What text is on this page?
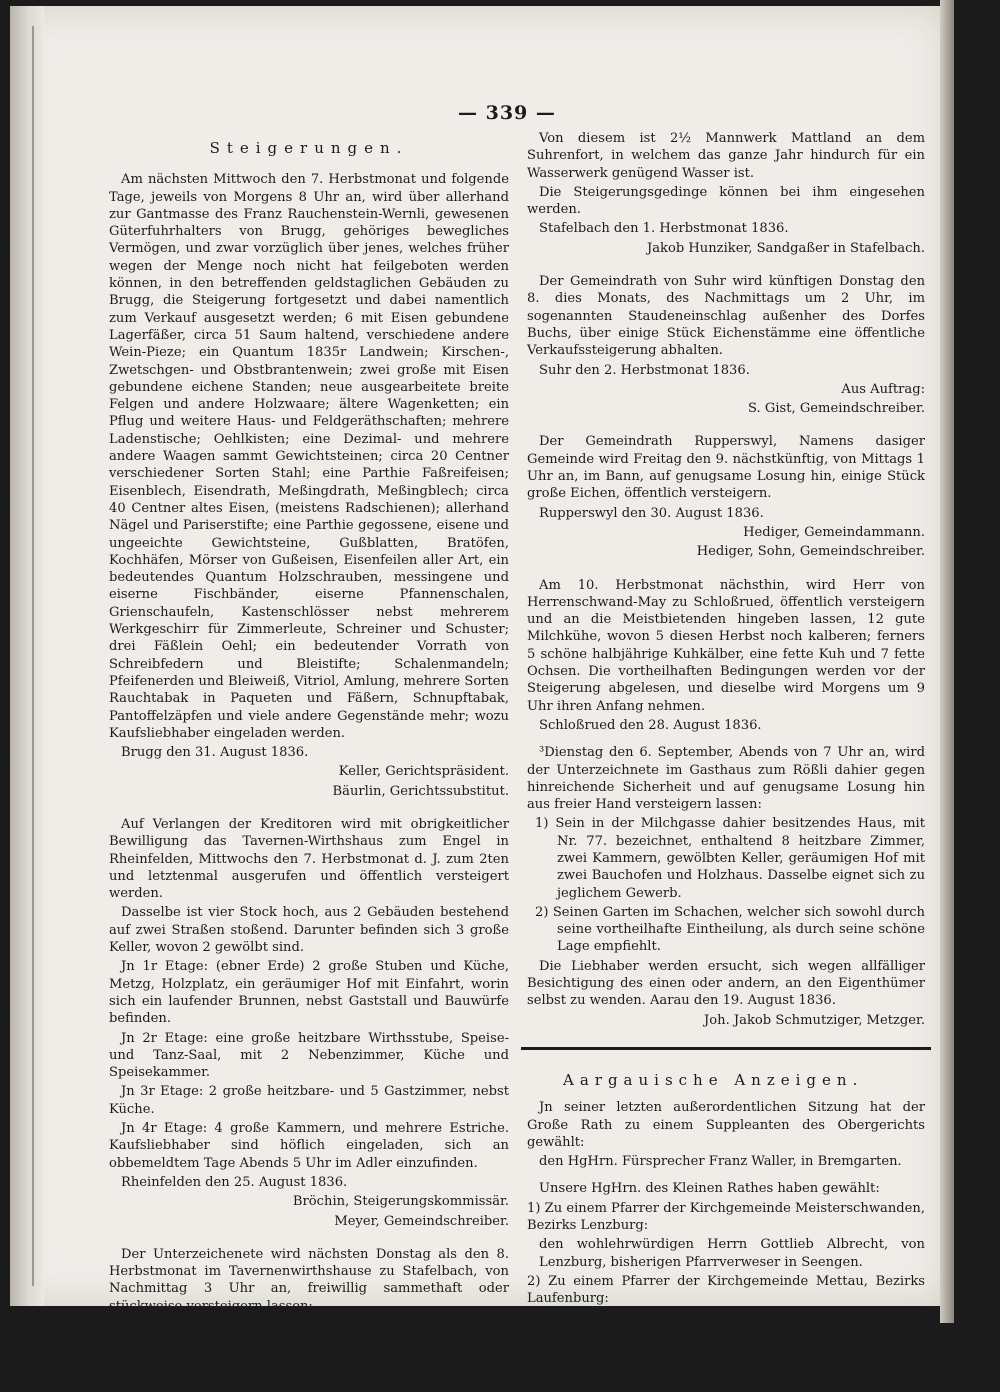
— 339 —
Steigerungen.

Am nächsten Mittwoch den 7. Herbstmonat und folgende Tage, jeweils von Morgens 8 Uhr an, wird über allerhand zur Gantmasse des Franz Rauchenstein-Wernli, gewesenen Güterfuhrhalters von Brugg, gehöriges bewegliches Vermögen, und zwar vorzüglich über jenes, welches früher wegen der Menge noch nicht hat feilgeboten werden können, in den betreffenden geldstaglichen Gebäuden zu Brugg, die Steigerung fortgesetzt und dabei namentlich zum Verkauf ausgesetzt werden; 6 mit Eisen gebundene Lagerfäßer, circa 51 Saum haltend, verschiedene andere Wein-Pieze; ein Quantum 1835r Landwein; Kirschen-, Zwetschgen- und Obstbrantenwein; zwei große mit Eisen gebundene eichene Standen; neue ausgearbeitete breite Felgen und andere Holzwaare; ältere Wagenketten; ein Pflug und weitere Haus- und Feldgeräthschaften; mehrere Ladenstische; Oehlkisten; eine Dezimal- und mehrere andere Waagen sammt Gewichtsteinen; circa 20 Centner verschiedener Sorten Stahl; eine Parthie Faßreifeisen; Eisenblech, Eisendrath, Meßingdrath, Meßingblech; circa 40 Centner altes Eisen, (meistens Radschienen); allerhand Nägel und Pariserstifte; eine Parthie gegossene, eisene und ungeeichte Gewichtsteine, Gußblatten, Bratöfen, Kochhäfen, Mörser von Gußeisen, Eisenfeilen aller Art, ein bedeutendes Quantum Holzschrauben, messingene und eiserne Fischbänder, eiserne Pfannenschalen, Grienschaufeln, Kastenschlösser nebst mehrerem Werkgeschirr für Zimmerleute, Schreiner und Schuster; drei Fäßlein Oehl; ein bedeutender Vorrath von Schreibfedern und Bleistifte; Schalenmandeln; Pfeifenerden und Bleiweiß, Vitriol, Amlung, mehrere Sorten Rauchtabak in Paqueten und Fäßern, Schnupftabak, Pantoffelzäpfen und viele andere Gegenstände mehr; wozu Kaufsliebhaber eingeladen werden.

Brugg den 31. August 1836.

Keller, Gerichtspräsident.

Bäurlin, Gerichtssubstitut.

Auf Verlangen der Kreditoren wird mit obrigkeitlicher Bewilligung das Tavernen-Wirthshaus zum Engel in Rheinfelden, Mittwochs den 7. Herbstmonat d. J. zum 2ten und letztenmal ausgerufen und öffentlich versteigert werden.

Dasselbe ist vier Stock hoch, aus 2 Gebäuden bestehend auf zwei Straßen stoßend. Darunter befinden sich 3 große Keller, wovon 2 gewölbt sind.

Jn 1r Etage: (ebner Erde) 2 große Stuben und Küche, Metzg, Holzplatz, ein geräumiger Hof mit Einfahrt, worin sich ein laufender Brunnen, nebst Gaststall und Bauwürfe befinden.

Jn 2r Etage: eine große heitzbare Wirthsstube, Speise- und Tanz-Saal, mit 2 Nebenzimmer, Küche und Speisekammer.

Jn 3r Etage: 2 große heitzbare- und 5 Gastzimmer, nebst Küche.

Jn 4r Etage: 4 große Kammern, und mehrere Estriche. Kaufsliebhaber sind höflich eingeladen, sich an obbemeldtem Tage Abends 5 Uhr im Adler einzufinden.

Rheinfelden den 25. August 1836.

Bröchin, Steigerungskommissär.

Meyer, Gemeindschreiber.

Der Unterzeichenete wird nächsten Donstag als den 8. Herbstmonat im Tavernenwirthshause zu Stafelbach, von Nachmittag 3 Uhr an, freiwillig sammethaft oder stückweise versteigern lassen:

1) sein in Stafelbach besitzendes Wohnhaus;

2) 14 Jucharten Baumgarten, Matt- und Ackerland;

3) 6 Jucharten Holzland, welches meistentheils mit großem Buschholz und etwas Buchenholz übersetzt ist.

Von diesem ist 2½ Mannwerk Mattland an dem Suhrenfort, in welchem das ganze Jahr hindurch für ein Wasserwerk genügend Wasser ist.

Die Steigerungsgedinge können bei ihm eingesehen werden.

Stafelbach den 1. Herbstmonat 1836.

Jakob Hunziker, Sandgaßer in Stafelbach.

Der Gemeindrath von Suhr wird künftigen Donstag den 8. dies Monats, des Nachmittags um 2 Uhr, im sogenannten Staudeneinschlag außenher des Dorfes Buchs, über einige Stück Eichenstämme eine öffentliche Verkaufssteigerung abhalten.

Suhr den 2. Herbstmonat 1836.

Aus Auftrag:

S. Gist, Gemeindschreiber.

Der Gemeindrath Rupperswyl, Namens dasiger Gemeinde wird Freitag den 9. nächstkünftig, von Mittags 1 Uhr an, im Bann, auf genugsame Losung hin, einige Stück große Eichen, öffentlich versteigern.

Rupperswyl den 30. August 1836.

Hediger, Gemeindammann.

Hediger, Sohn, Gemeindschreiber.

Am 10. Herbstmonat nächsthin, wird Herr von Herrenschwand-May zu Schloßrued, öffentlich versteigern und an die Meistbietenden hingeben lassen, 12 gute Milchkühe, wovon 5 diesen Herbst noch kalberen; ferners 5 schöne halbjährige Kuhkälber, eine fette Kuh und 7 fette Ochsen. Die vortheilhaften Bedingungen werden vor der Steigerung abgelesen, und dieselbe wird Morgens um 9 Uhr ihren Anfang nehmen.

Schloßrued den 28. August 1836.

³Dienstag den 6. September, Abends von 7 Uhr an, wird der Unterzeichnete im Gasthaus zum Rößli dahier gegen hinreichende Sicherheit und auf genugsame Losung hin aus freier Hand versteigern lassen:

1) Sein in der Milchgasse dahier besitzendes Haus, mit Nr. 77. bezeichnet, enthaltend 8 heitzbare Zimmer, zwei Kammern, gewölbten Keller, geräumigen Hof mit zwei Bauchofen und Holzhaus. Dasselbe eignet sich zu jeglichem Gewerb.

2) Seinen Garten im Schachen, welcher sich sowohl durch seine vortheilhafte Eintheilung, als durch seine schöne Lage empfiehlt.

Die Liebhaber werden ersucht, sich wegen allfälliger Besichtigung des einen oder andern, an den Eigenthümer selbst zu wenden. Aarau den 19. August 1836.

Joh. Jakob Schmutziger, Metzger.

Aargauische Anzeigen.

Jn seiner letzten außerordentlichen Sitzung hat der Große Rath zu einem Suppleanten des Obergerichts gewählt:

den HgHrn. Fürsprecher Franz Waller, in Bremgarten.

Unsere HgHrn. des Kleinen Rathes haben gewählt:

1) Zu einem Pfarrer der Kirchgemeinde Meisterschwanden, Bezirks Lenzburg:

den wohlehrwürdigen Herrn Gottlieb Albrecht, von Lenzburg, bisherigen Pfarrverweser in Seengen.

2) Zu einem Pfarrer der Kirchgemeinde Mettau, Bezirks Laufenburg:
